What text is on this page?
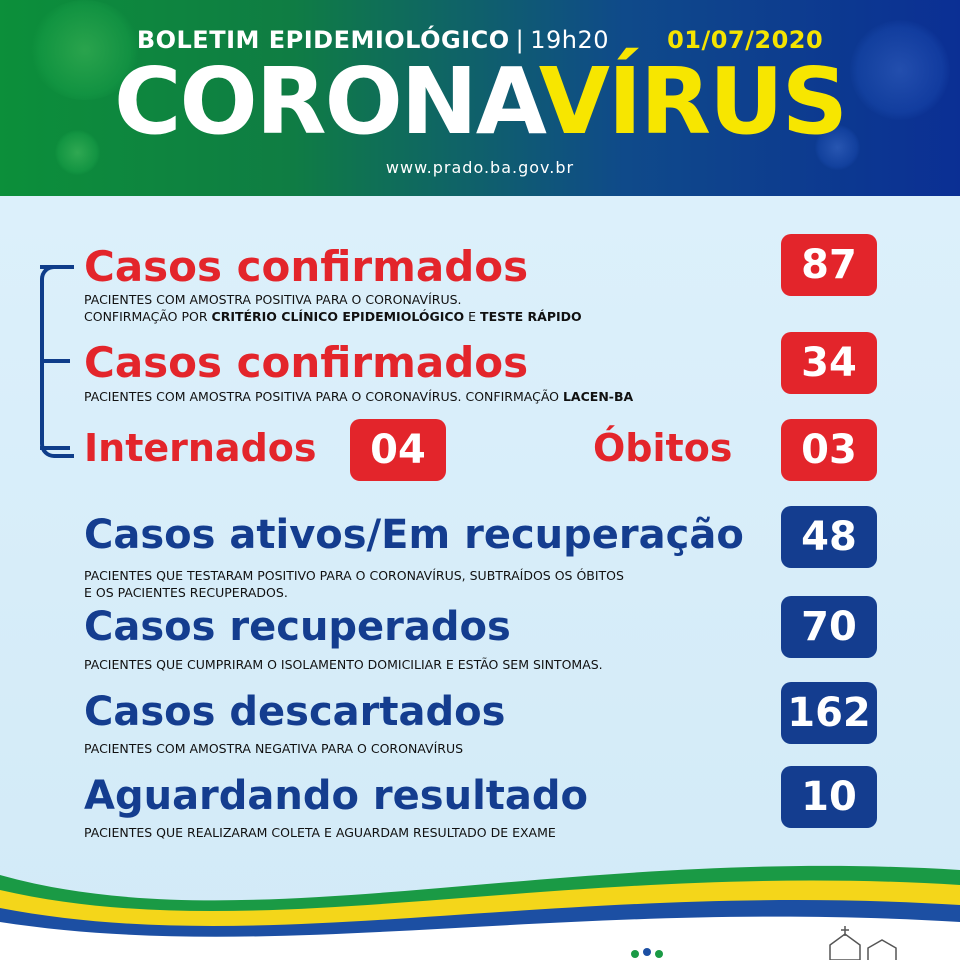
BOLETIM EPIDEMIOLÓGICO | 19h20 01/07/2020
CORONAVÍRUS
www.prado.ba.gov.br
Casos confirmados
PACIENTES COM AMOSTRA POSITIVA PARA O CORONAVÍRUS.
CONFIRMAÇÃO POR CRITÉRIO CLÍNICO EPIDEMIOLÓGICO E TESTE RÁPIDO
87
Casos confirmados
PACIENTES COM AMOSTRA POSITIVA PARA O CORONAVÍRUS. CONFIRMAÇÃO LACEN-BA
34
Internados	04	Óbitos	03
Casos ativos/Em recuperação
PACIENTES QUE TESTARAM POSITIVO PARA O CORONAVÍRUS, SUBTRAÍDOS OS ÓBITOS
E OS PACIENTES RECUPERADOS.
48
Casos recuperados
PACIENTES QUE CUMPRIRAM O ISOLAMENTO DOMICILIAR E ESTÃO SEM SINTOMAS.
70
Casos descartados
PACIENTES COM AMOSTRA NEGATIVA PARA O CORONAVÍRUS
162
Aguardando resultado
PACIENTES QUE REALIZARAM COLETA E AGUARDAM RESULTADO DE EXAME
10
